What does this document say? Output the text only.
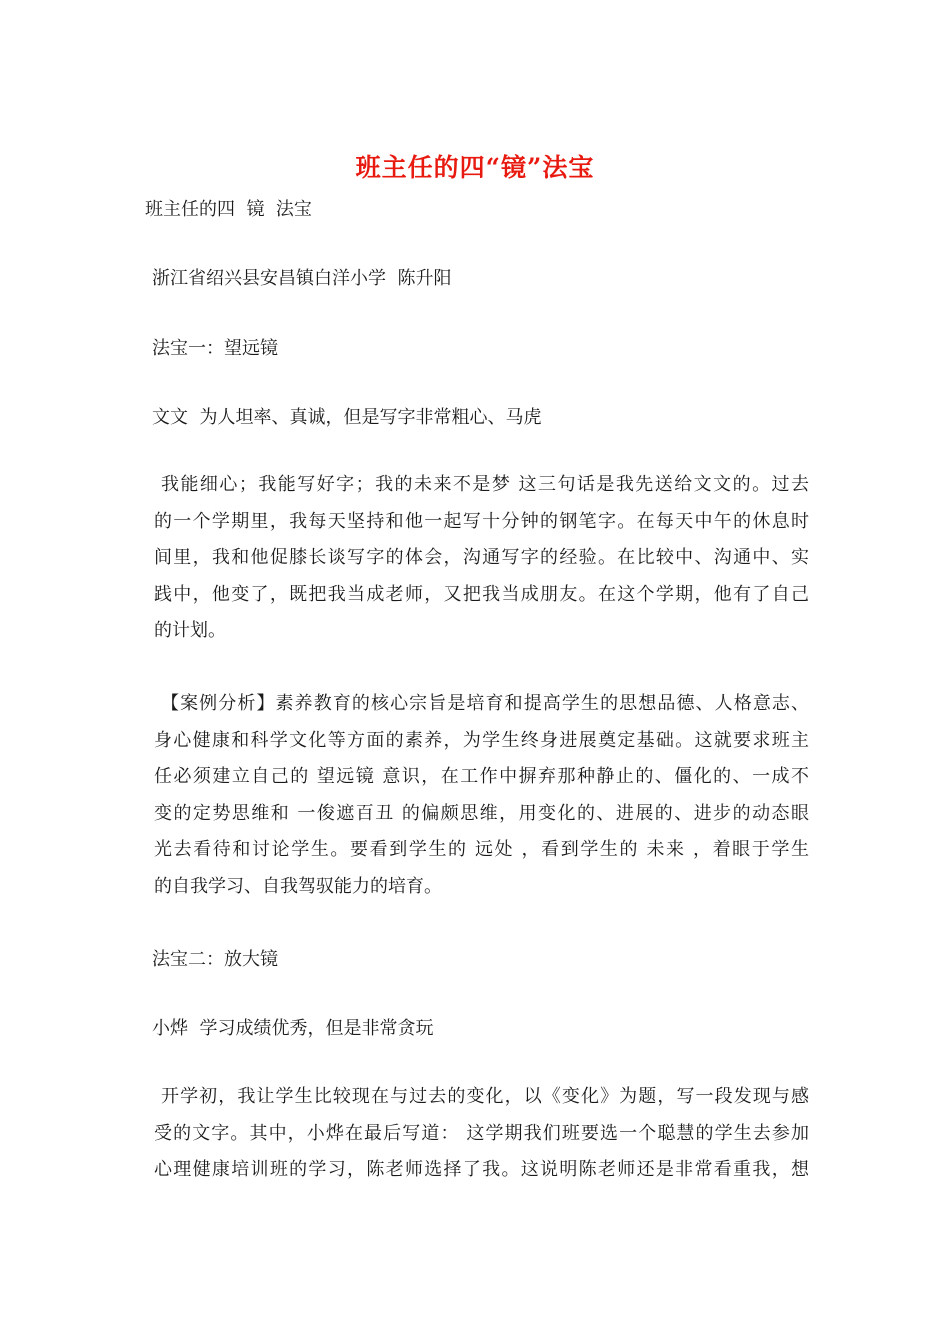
班主任的四“镜”法宝
班主任的四  镜  法宝
浙江省绍兴县安昌镇白洋小学  陈升阳
法宝一：望远镜
文文  为人坦率、真诚，但是写字非常粗心、马虎
我能细心；我能写好字；我的未来不是梦 这三句话是我先送给文文的。过去
的一个学期里，我每天坚持和他一起写十分钟的钢笔字。在每天中午的休息时
间里，我和他促膝长谈写字的体会，沟通写字的经验。在比较中、沟通中、实
践中，他变了，既把我当成老师，又把我当成朋友。在这个学期，他有了自己
的计划。
【案例分析】素养教育的核心宗旨是培育和提高学生的思想品德、人格意志、
身心健康和科学文化等方面的素养，为学生终身进展奠定基础。这就要求班主
任必须建立自己的 望远镜 意识，在工作中摒弃那种静止的、僵化的、一成不
变的定势思维和 一俊遮百丑 的偏颇思维，用变化的、进展的、进步的动态眼
光去看待和讨论学生。要看到学生的 远处 ，看到学生的 未来 ，着眼于学生
的自我学习、自我驾驭能力的培育。
法宝二：放大镜
小烨  学习成绩优秀，但是非常贪玩
开学初，我让学生比较现在与过去的变化，以《变化》为题，写一段发现与感
受的文字。其中，小烨在最后写道： 这学期我们班要选一个聪慧的学生去参加
心理健康培训班的学习，陈老师选择了我。这说明陈老师还是非常看重我，想
